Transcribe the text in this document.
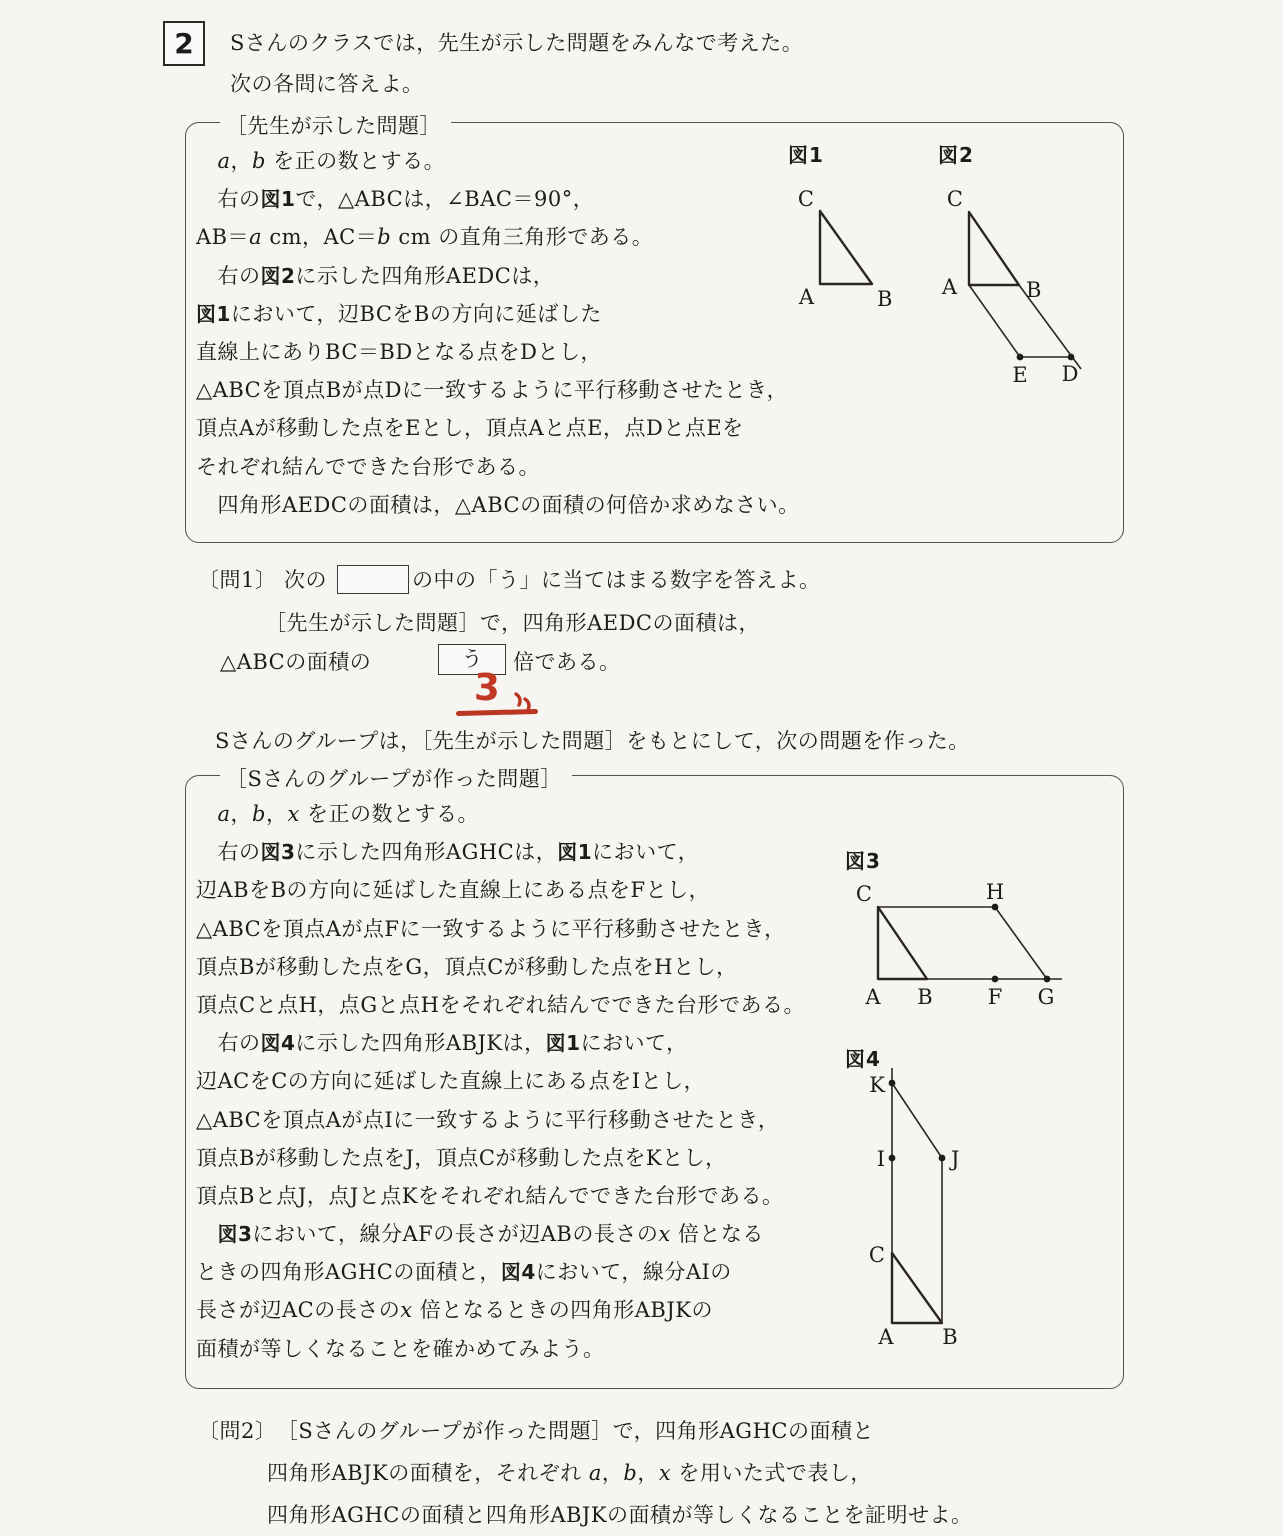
2	Sさんのクラスでは，先生が示した問題をみんなで考えた。
次の各問に答えよ。
［先生が示した問題］
　a，b を正の数とする。
　右の図1で，△ABCは，∠BAC＝90°，
AB＝a cm，AC＝b cm の直角三角形である。
　右の図2に示した四角形AEDCは，
図1において，辺BCをBの方向に延ばした
直線上にありBC＝BDとなる点をDとし，
△ABCを頂点Bが点Dに一致するように平行移動させたとき，
頂点Aが移動した点をEとし，頂点Aと点E，点Dと点Eを
それぞれ結んでできた台形である。
　四角形AEDCの面積は，△ABCの面積の何倍か求めなさい。
図1
C
A	B
図2
C
A	B
E D
〔問1〕 次の	の中の「う」に当てはまる数字を答えよ。
［先生が示した問題］で，四角形AEDCの面積は，
△ABCの面積の	う	倍である。
3
Sさんのグループは，［先生が示した問題］をもとにして，次の問題を作った。
［Sさんのグループが作った問題］
　a，b，x を正の数とする。
　右の図3に示した四角形AGHCは，図1において，
辺ABをBの方向に延ばした直線上にある点をFとし，
△ABCを頂点Aが点Fに一致するように平行移動させたとき，
頂点Bが移動した点をG，頂点Cが移動した点をHとし，
頂点Cと点H，点Gと点Hをそれぞれ結んでできた台形である。
　右の図4に示した四角形ABJKは，図1において，
辺ACをCの方向に延ばした直線上にある点をIとし，
△ABCを頂点Aが点Iに一致するように平行移動させたとき，
頂点Bが移動した点をJ，頂点Cが移動した点をKとし，
頂点Bと点J，点Jと点Kをそれぞれ結んでできた台形である。
　図3において，線分AFの長さが辺ABの長さのx 倍となる
ときの四角形AGHCの面積と，図4において，線分AIの
長さが辺ACの長さのx 倍となるときの四角形ABJKの
面積が等しくなることを確かめてみよう。
図3
C	H
A B	F G
図4
K
I	J
C
A B
〔問2〕　［Sさんのグループが作った問題］で，四角形AGHCの面積と
四角形ABJKの面積を，それぞれ a，b，x を用いた式で表し，
四角形AGHCの面積と四角形ABJKの面積が等しくなることを証明せよ。
